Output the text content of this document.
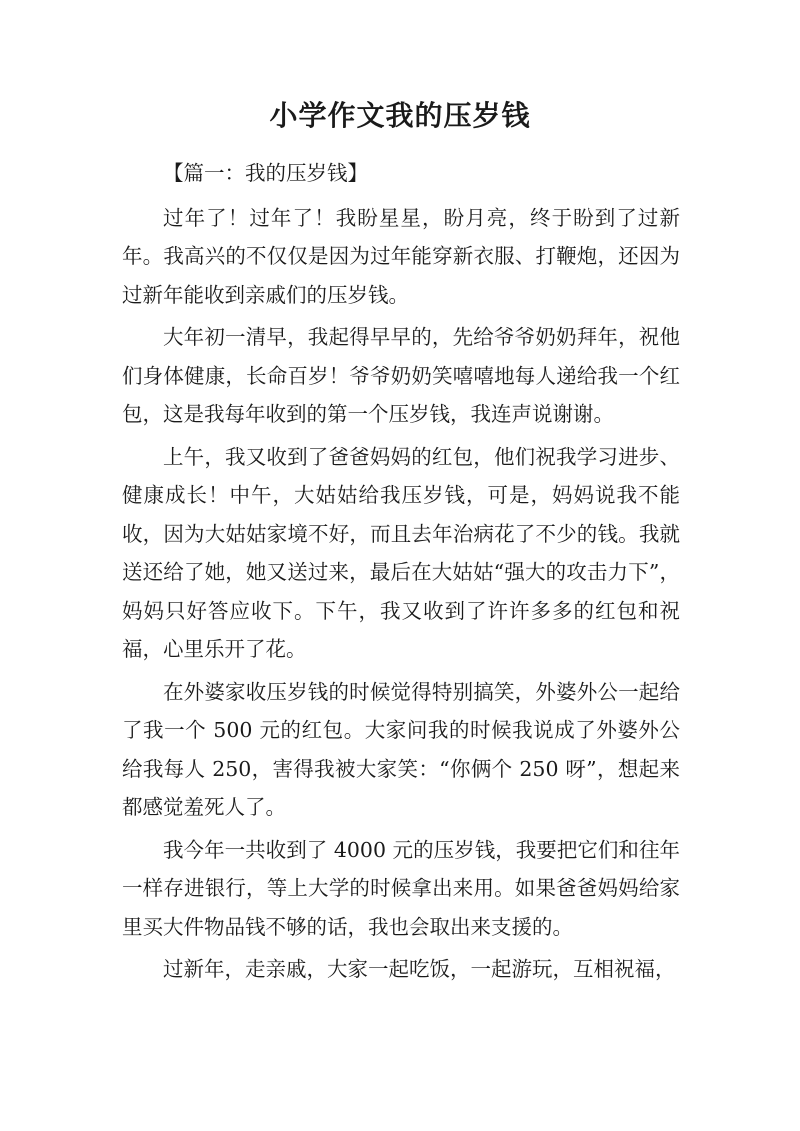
小学作文我的压岁钱

【篇一：我的压岁钱】

过年了！过年了！我盼星星，盼月亮，终于盼到了过新年。我高兴的不仅仅是因为过年能穿新衣服、打鞭炮，还因为过新年能收到亲戚们的压岁钱。

大年初一清早，我起得早早的，先给爷爷奶奶拜年，祝他们身体健康，长命百岁！爷爷奶奶笑嘻嘻地每人递给我一个红包，这是我每年收到的第一个压岁钱，我连声说谢谢。

上午，我又收到了爸爸妈妈的红包，他们祝我学习进步、健康成长！中午，大姑姑给我压岁钱，可是，妈妈说我不能收，因为大姑姑家境不好，而且去年治病花了不少的钱。我就送还给了她，她又送过来，最后在大姑姑“强大的攻击力下”，妈妈只好答应收下。下午，我又收到了许许多多的红包和祝福，心里乐开了花。

在外婆家收压岁钱的时候觉得特别搞笑，外婆外公一起给了我一个 500 元的红包。大家问我的时候我说成了外婆外公给我每人 250，害得我被大家笑：“你俩个 250 呀”，想起来都感觉羞死人了。

我今年一共收到了 4000 元的压岁钱，我要把它们和往年一样存进银行，等上大学的时候拿出来用。如果爸爸妈妈给家里买大件物品钱不够的话，我也会取出来支援的。

过新年，走亲戚，大家一起吃饭，一起游玩，互相祝福，
